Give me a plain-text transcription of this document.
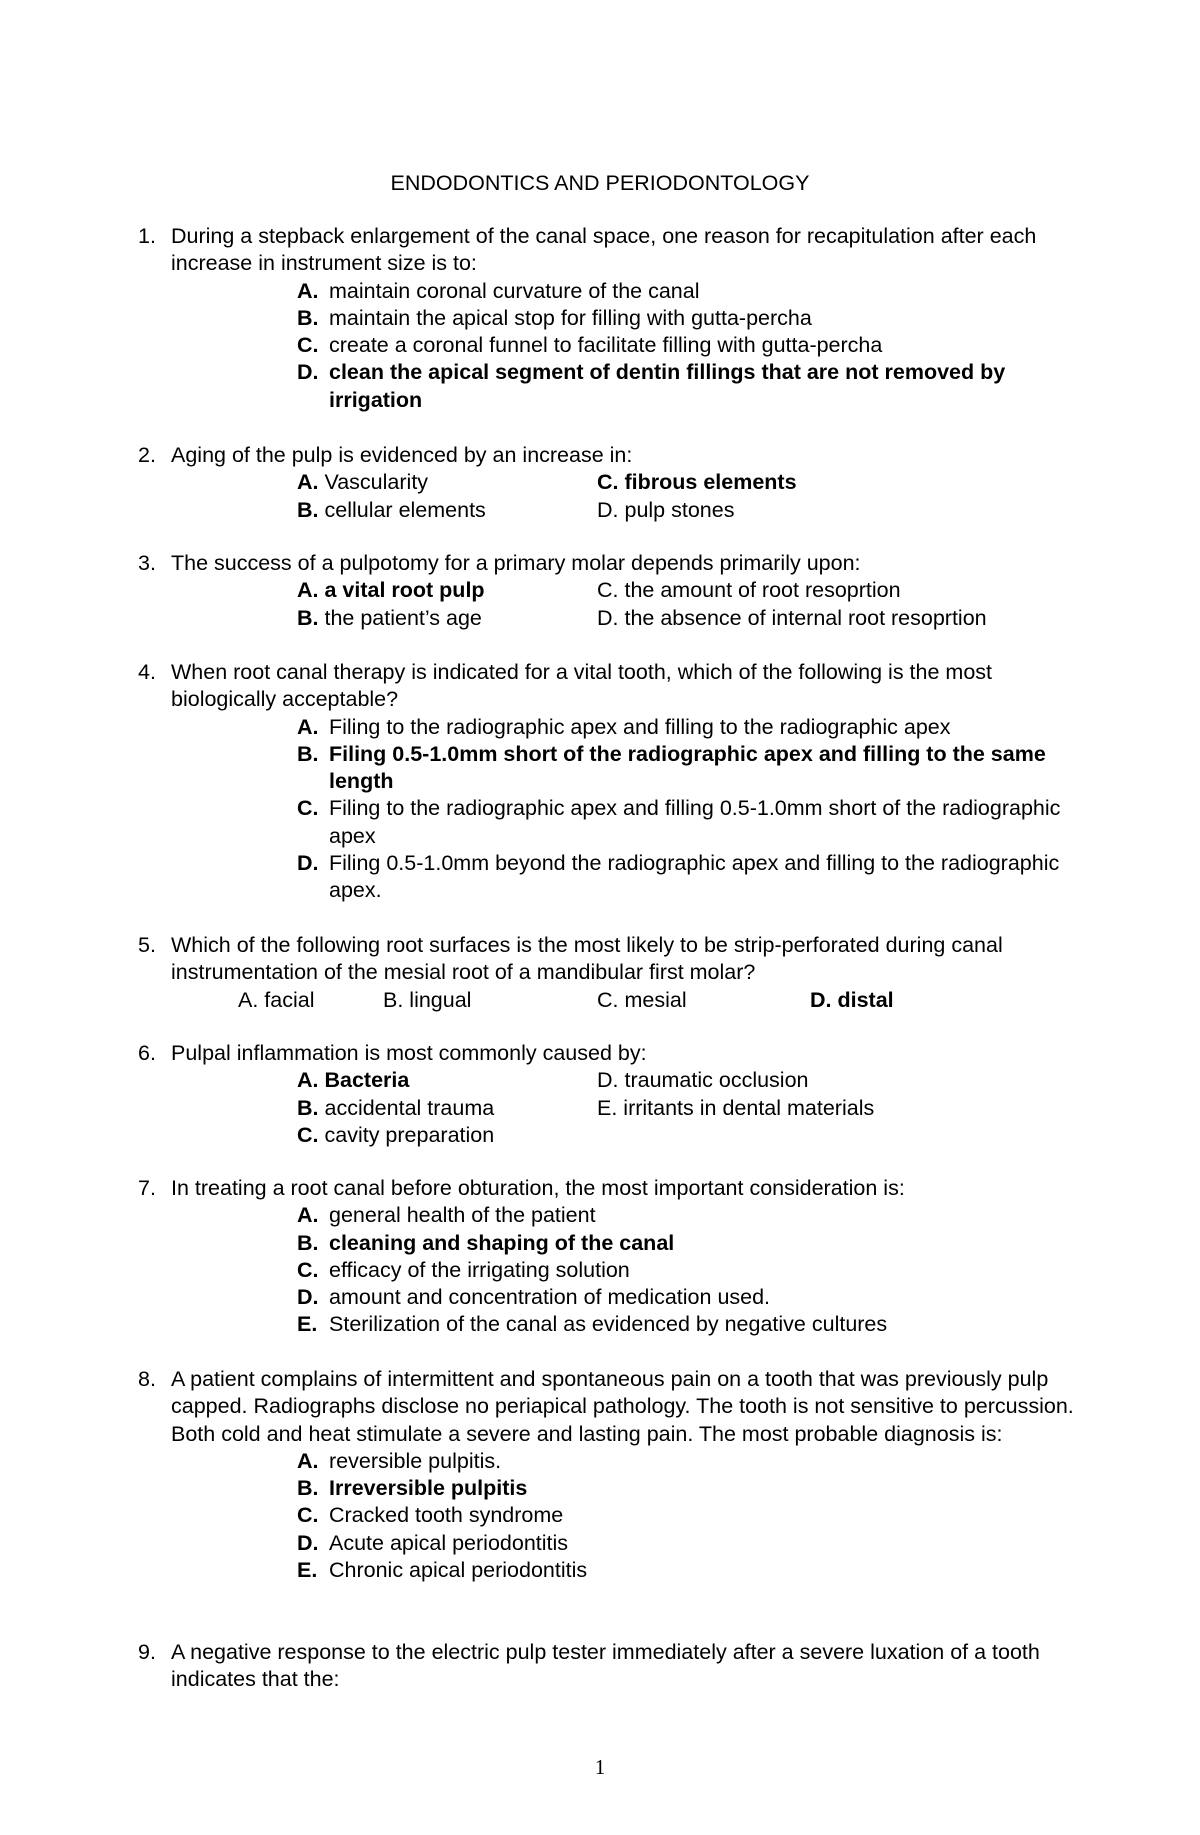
ENDODONTICS AND PERIODONTOLOGY
1. During a stepback enlargement of the canal space, one reason for recapitulation after each increase in instrument size is to:
A. maintain coronal curvature of the canal
B. maintain the apical stop for filling with gutta-percha
C. create a coronal funnel to facilitate filling with gutta-percha
D. clean the apical segment of dentin fillings that are not removed by irrigation
2. Aging of the pulp is evidenced by an increase in:
A. Vascularity	C. fibrous elements
B. cellular elements	D. pulp stones
3. The success of a pulpotomy for a primary molar depends primarily upon:
A. a vital root pulp	C. the amount of root resoprtion
B. the patient’s age	D. the absence of internal root resoprtion
4. When root canal therapy is indicated for a vital tooth, which of the following is the most biologically acceptable?
A. Filing to the radiographic apex and filling to the radiographic apex
B. Filing 0.5-1.0mm short of the radiographic apex and filling to the same length
C. Filing to the radiographic apex and filling 0.5-1.0mm short of the radiographic apex
D. Filing 0.5-1.0mm beyond the radiographic apex and filling to the radiographic apex.
5. Which of the following root surfaces is the most likely to be strip-perforated during canal instrumentation of the mesial root of a mandibular first molar?
A. facial	B. lingual	C. mesial	D. distal
6. Pulpal inflammation is most commonly caused by:
A. Bacteria	D. traumatic occlusion
B. accidental trauma	E. irritants in dental materials
C. cavity preparation
7. In treating a root canal before obturation, the most important consideration is:
A. general health of the patient
B. cleaning and shaping of the canal
C. efficacy of the irrigating solution
D. amount and concentration of medication used.
E. Sterilization of the canal as evidenced by negative cultures
8. A patient complains of intermittent and spontaneous pain on a tooth that was previously pulp capped. Radiographs disclose no periapical pathology. The tooth is not sensitive to percussion. Both cold and heat stimulate a severe and lasting pain. The most probable diagnosis is:
A. reversible pulpitis.
B. Irreversible pulpitis
C. Cracked tooth syndrome
D. Acute apical periodontitis
E. Chronic apical periodontitis
9. A negative response to the electric pulp tester immediately after a severe luxation of a tooth indicates that the:
1
